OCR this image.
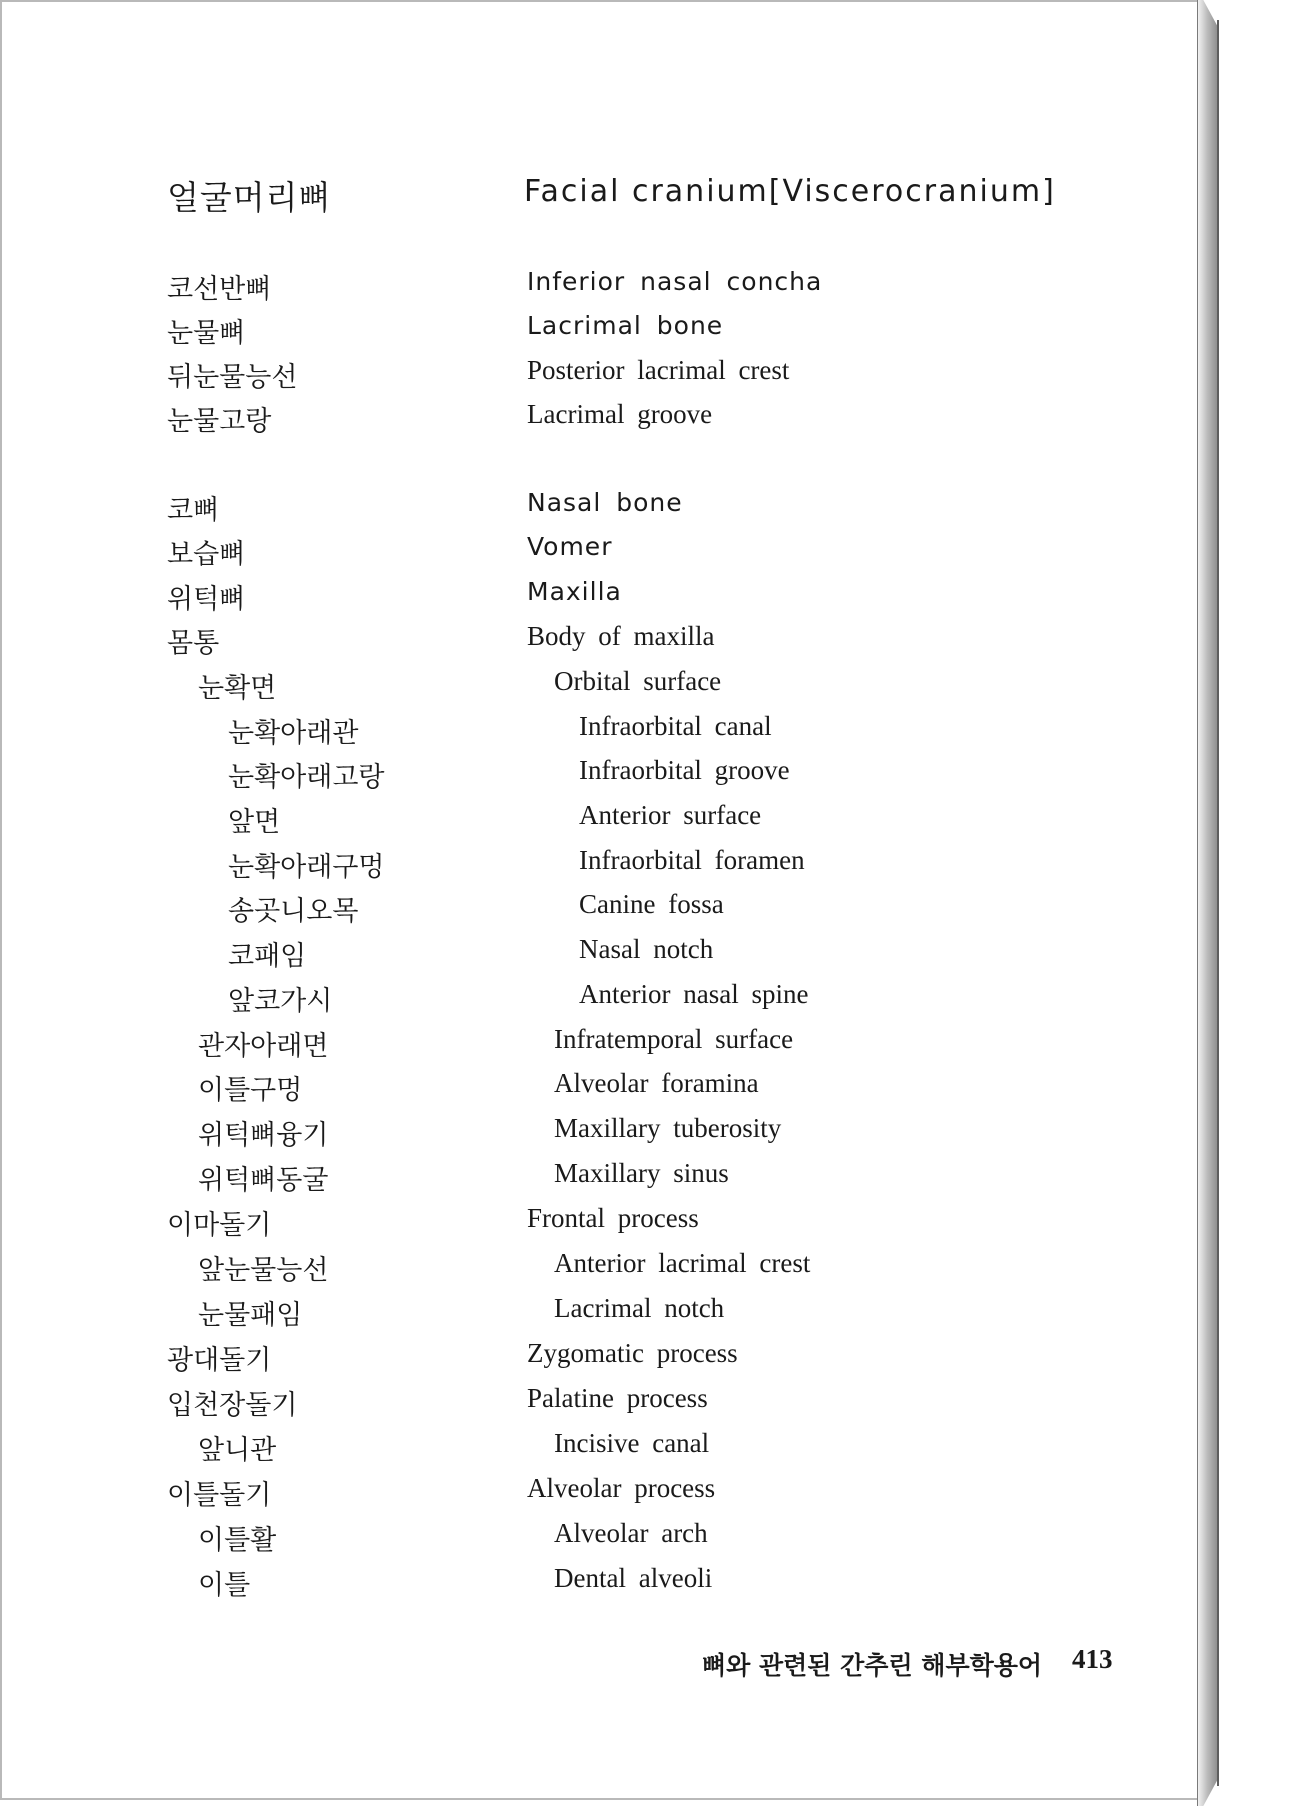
얼굴머리뼈	Facial cranium[Viscerocranium]
코선반뼈	Inferior nasal concha
눈물뼈	Lacrimal bone
뒤눈물능선	Posterior lacrimal crest
눈물고랑	Lacrimal groove
코뼈	Nasal bone
보습뼈	Vomer
위턱뼈	Maxilla
몸통	Body of maxilla
눈확면	Orbital surface
눈확아래관	Infraorbital canal
눈확아래고랑	Infraorbital groove
앞면	Anterior surface
눈확아래구멍	Infraorbital foramen
송곳니오목	Canine fossa
코패임	Nasal notch
앞코가시	Anterior nasal spine
관자아래면	Infratemporal surface
이틀구멍	Alveolar foramina
위턱뼈융기	Maxillary tuberosity
위턱뼈동굴	Maxillary sinus
이마돌기	Frontal process
앞눈물능선	Anterior lacrimal crest
눈물패임	Lacrimal notch
광대돌기	Zygomatic process
입천장돌기	Palatine process
앞니관	Incisive canal
이틀돌기	Alveolar process
이틀활	Alveolar arch
이틀	Dental alveoli
뼈와 관련된 간추린 해부학용어 413
